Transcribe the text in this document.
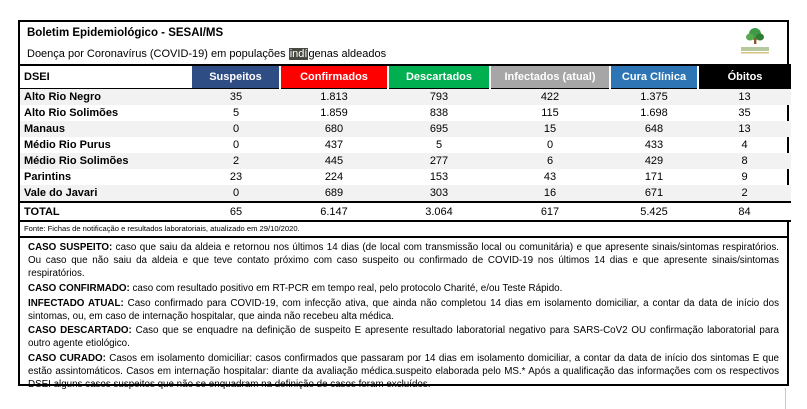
Boletim Epidemiológico - SESAI/MS
Doença por Coronavírus (COVID-19) em populações indígenas aldeados
DSEI	Suspeitos	Confirmados	Descartados	Infectados (atual)	Cura Clínica	Óbitos
Alto Rio Negro	35	1.813	793	422	1.375	13
Alto Rio Solimões	5	1.859	838	115	1.698	35
Manaus	0	680	695	15	648	13
Médio Rio Purus	0	437	5	0	433	4
Médio Rio Solimões	2	445	277	6	429	8
Parintins	23	224	153	43	171	9
Vale do Javari	0	689	303	16	671	2
TOTAL	65	6.147	3.064	617	5.425	84
Fonte: Fichas de notificação e resultados laboratoriais, atualizado em 29/10/2020.

CASO SUSPEITO: caso que saiu da aldeia e retornou nos últimos 14 dias (de local com transmissão local ou comunitária) e que apresente sinais/sintomas respiratórios. Ou caso que não saiu da aldeia e que teve contato próximo com caso suspeito ou confirmado de COVID-19 nos últimos 14 dias e que apresente sinais/sintomas respiratórios.

CASO CONFIRMADO: caso com resultado positivo em RT-PCR em tempo real, pelo protocolo Charité, e/ou Teste Rápido.

INFECTADO ATUAL: Caso confirmado para COVID-19, com infecção ativa, que ainda não completou 14 dias em isolamento domiciliar, a contar da data de início dos sintomas, ou, em caso de internação hospitalar, que ainda não recebeu alta médica.

CASO DESCARTADO: Caso que se enquadre na definição de suspeito E apresente resultado laboratorial negativo para SARS-CoV2 OU confirmação laboratorial para outro agente etiológico.

CASO CURADO: Casos em isolamento domiciliar: casos confirmados que passaram por 14 dias em isolamento domiciliar, a contar da data de início dos sintomas E que estão assintomáticos. Casos em internação hospitalar: diante da avaliação médica.suspeito elaborada pelo MS.* Após a qualificação das informações com os respectivos DSEI alguns casos suspeitos que não se enquadram na definição de casos foram excluídos.
